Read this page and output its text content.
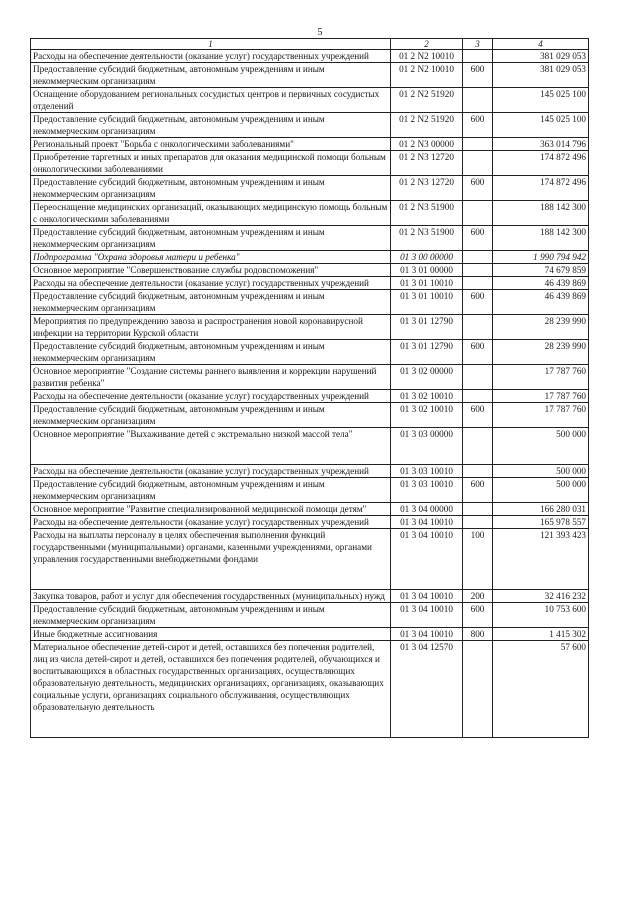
5
1	2	3	4
Расходы на обеспечение деятельности (оказание услуг) государственных учреждений	01 2 N2 10010		381 029 053
Предоставление субсидий бюджетным, автономным учреждениям и иным некоммерческим организациям	01 2 N2 10010	600	381 029 053
Оснащение оборудованием региональных сосудистых центров и первичных сосудистых отделений	01 2 N2 51920		145 025 100
Предоставление субсидий бюджетным, автономным учреждениям и иным некоммерческим организациям	01 2 N2 51920	600	145 025 100
Региональный проект "Борьба с онкологическими заболеваниями"	01 2 N3 00000		363 014 796
Приобретение таргетных и иных препаратов для оказания медицинской помощи больным онкологическими заболеваниями	01 2 N3 12720		174 872 496
Предоставление субсидий бюджетным, автономным учреждениям и иным некоммерческим организациям	01 2 N3 12720	600	174 872 496
Переоснащение медицинских организаций, оказывающих медицинскую помощь больным с онкологическими заболеваниями	01 2 N3 51900		188 142 300
Предоставление субсидий бюджетным, автономным учреждениям и иным некоммерческим организациям	01 2 N3 51900	600	188 142 300
Подпрограмма "Охрана здоровья матери и ребенка"	01 3 00 00000		1 990 794 942
Основное мероприятие "Совершенствование службы родовспоможения"	01 3 01 00000		74 679 859
Расходы на обеспечение деятельности (оказание услуг) государственных учреждений	01 3 01 10010		46 439 869
Предоставление субсидий бюджетным, автономным учреждениям и иным некоммерческим организациям	01 3 01 10010	600	46 439 869
Мероприятия по предупреждению завоза и распространения новой коронавирусной инфекции на территории Курской области	01 3 01 12790		28 239 990
Предоставление субсидий бюджетным, автономным учреждениям и иным некоммерческим организациям	01 3 01 12790	600	28 239 990
Основное мероприятие "Создание системы раннего выявления и коррекции нарушений развития ребенка"	01 3 02 00000		17 787 760
Расходы на обеспечение деятельности (оказание услуг) государственных учреждений	01 3 02 10010		17 787 760
Предоставление субсидий бюджетным, автономным учреждениям и иным некоммерческим организациям	01 3 02 10010	600	17 787 760
Основное мероприятие "Выхаживание детей с экстремально низкой массой тела"	01 3 03 00000		500 000
Расходы на обеспечение деятельности (оказание услуг) государственных учреждений	01 3 03 10010		500 000
Предоставление субсидий бюджетным, автономным учреждениям и иным некоммерческим организациям	01 3 03 10010	600	500 000
Основное мероприятие "Развитие специализированной медицинской помощи детям"	01 3 04 00000		166 280 031
Расходы на обеспечение деятельности (оказание услуг) государственных учреждений	01 3 04 10010		165 978 557
Расходы на выплаты персоналу в целях обеспечения выполнения функций государственными (муниципальными) органами, казенными учреждениями, органами управления государственными внебюджетными фондами	01 3 04 10010	100	121 393 423
Закупка товаров, работ и услуг для обеспечения государственных (муниципальных) нужд	01 3 04 10010	200	32 416 232
Предоставление субсидий бюджетным, автономным учреждениям и иным некоммерческим организациям	01 3 04 10010	600	10 753 600
Иные бюджетные ассигнования	01 3 04 10010	800	1 415 302
Материальное обеспечение детей-сирот и детей, оставшихся без попечения родителей, лиц из числа детей-сирот и детей, оставшихся без попечения родителей, обучающихся и воспитывающихся в областных государственных организациях, осуществляющих образовательную деятельность, медицинских организациях, организациях, оказывающих социальные услуги, организациях социального обслуживания, осуществляющих образовательную деятельность	01 3 04 12570		57 600
